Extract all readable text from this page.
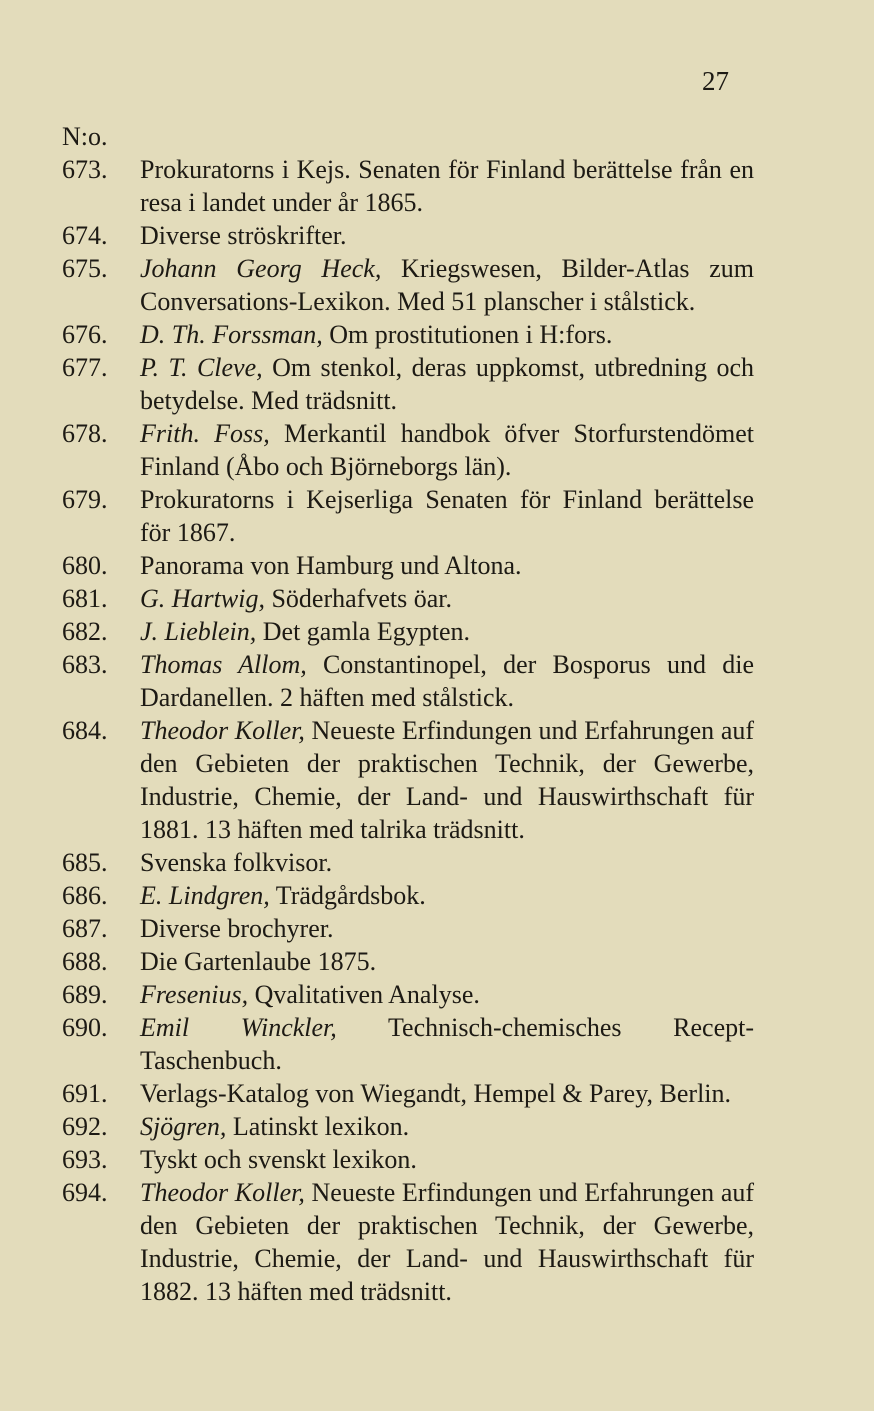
27
N:o.
673. Prokuratorns i Kejs. Senaten för Finland berättelse från en resa i landet under år 1865.
674. Diverse ströskrifter.
675. Johann Georg Heck, Kriegswesen, Bilder-Atlas zum Conversations-Lexikon. Med 51 planscher i stålstick.
676. D. Th. Forssman, Om prostitutionen i H:fors.
677. P. T. Cleve, Om stenkol, deras uppkomst, utbredning och betydelse. Med trädsnitt.
678. Frith. Foss, Merkantil handbok öfver Storfurstendömet Finland (Åbo och Björneborgs län).
679. Prokuratorns i Kejserliga Senaten för Finland berättelse för 1867.
680. Panorama von Hamburg und Altona.
681. G. Hartwig, Söderhafvets öar.
682. J. Lieblein, Det gamla Egypten.
683. Thomas Allom, Constantinopel, der Bosporus und die Dardanellen. 2 häften med stålstick.
684. Theodor Koller, Neueste Erfindungen und Erfahrungen auf den Gebieten der praktischen Technik, der Gewerbe, Industrie, Chemie, der Land- und Hauswirthschaft für 1881. 13 häften med talrika trädsnitt.
685. Svenska folkvisor.
686. E. Lindgren, Trädgårdsbok.
687. Diverse brochyrer.
688. Die Gartenlaube 1875.
689. Fresenius, Qvalitativen Analyse.
690. Emil Winckler, Technisch-chemisches Recept-Taschenbuch.
691. Verlags-Katalog von Wiegandt, Hempel & Parey, Berlin.
692. Sjögren, Latinskt lexikon.
693. Tyskt och svenskt lexikon.
694. Theodor Koller, Neueste Erfindungen und Erfahrungen auf den Gebieten der praktischen Technik, der Gewerbe, Industrie, Chemie, der Land- und Hauswirthschaft für 1882. 13 häften med trädsnitt.
